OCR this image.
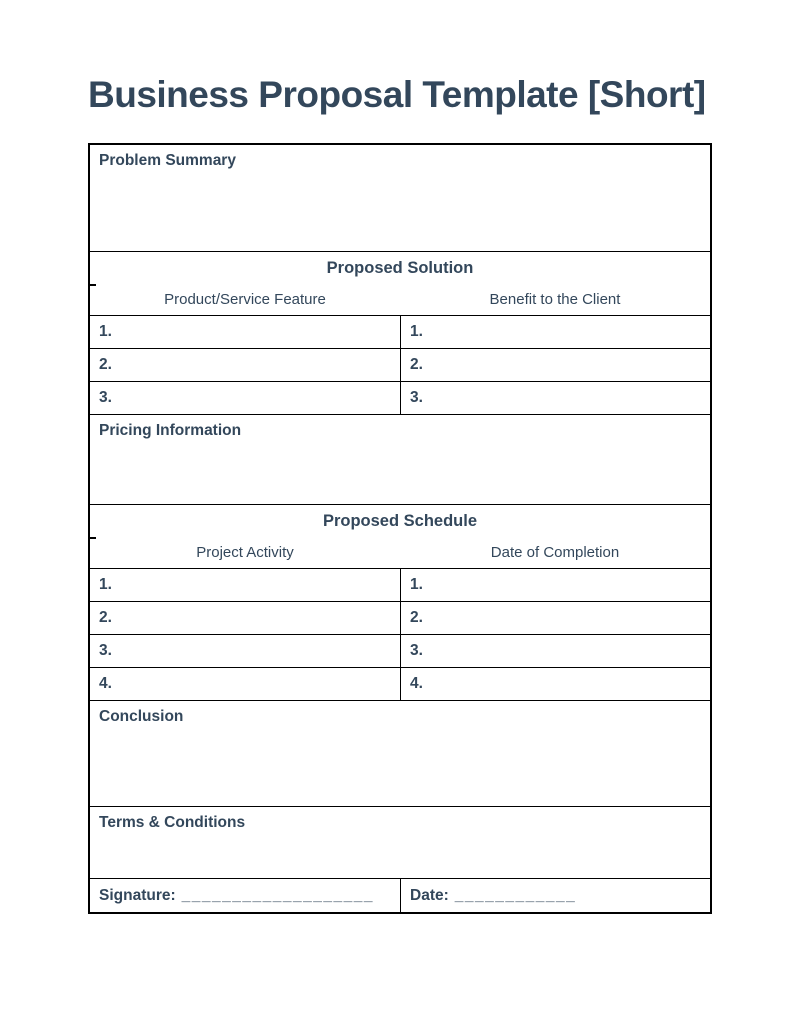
Business Proposal Template [Short]
Problem Summary
Proposed Solution
Product/Service Feature	Benefit to the Client
1.	1.
2.	2.
3.	3.
Pricing Information
Proposed Schedule
Project Activity	Date of Completion
1.	1.
2.	2.
3.	3.
4.	4.
Conclusion
Terms & Conditions
Signature: ___________________ Date: ____________
